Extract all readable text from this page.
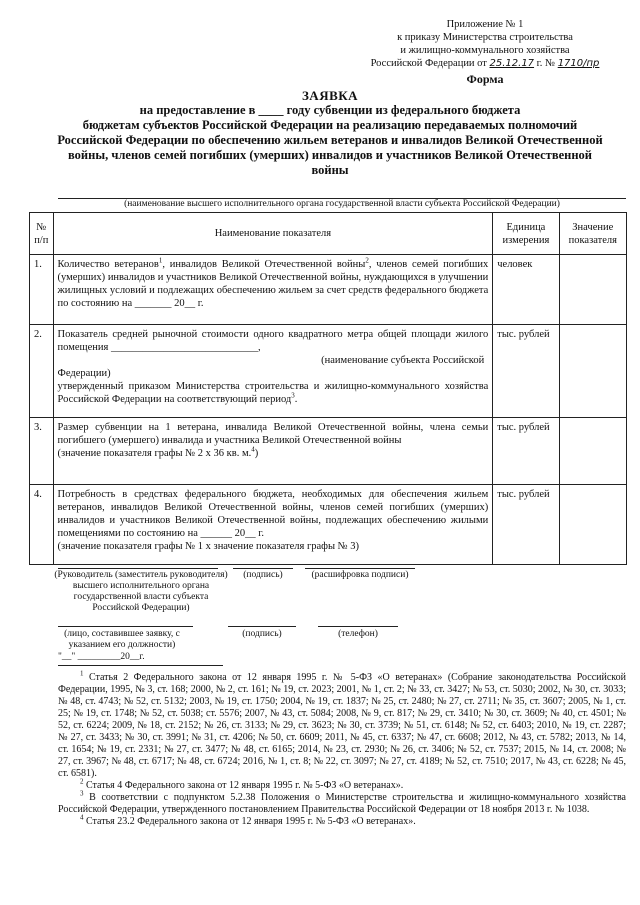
Приложение № 1
к приказу Министерства строительства
и жилищно-коммунального хозяйства
Российской Федерации от 25.12.17 г. № 1710/пр
Форма
ЗАЯВКА
на предоставление в ____ году субвенции из федерального бюджета
бюджетам субъектов Российской Федерации на реализацию передаваемых полномочий
Российской Федерации по обеспечению жильем ветеранов и инвалидов Великой Отечественной
войны, членов семей погибших (умерших) инвалидов и участников Великой Отечественной
войны
(наименование высшего исполнительного органа государственной власти субъекта Российской Федерации)
№ п/п	Наименование показателя	Единица измерения	Значение показателя
1.	Количество ветеранов$^1$, инвалидов Великой Отечественной войны$^2$, членов семей погибших (умерших) инвалидов и участников Великой Отечественной войны, нуждающихся в улучшении жилищных условий и подлежащих обеспечению жильем за счет средств федерального бюджета по состоянию на _______ 20__ г.	человек	
2.	Показатель средней рыночной стоимости одного квадратного метра общей площади жилого помещения ____________________________,
(наименование субъекта Российской
Федерации)
утвержденный приказом Министерства строительства и жилищно-коммунального хозяйства Российской Федерации на соответствующий период$^3$.	тыс. рублей	
3.	Размер субвенции на 1 ветерана, инвалида Великой Отечественной войны, члена семьи погибшего (умершего) инвалида и участника Великой Отечественной войны
(значение показателя графы № 2 х 36 кв. м.$^4$)	тыс. рублей	
4.	Потребность в средствах федерального бюджета, необходимых для обеспечения жильем ветеранов, инвалидов Великой Отечественной войны, членов семей погибших (умерших) инвалидов и участников Великой Отечественной войны, подлежащих обеспечению жилыми помещениями по состоянию на ______ 20__ г.
(значение показателя графы № 1 х значение показателя графы № 3)	тыс. рублей	
(Руководитель (заместитель руководителя) высшего исполнительного органа государственной власти субъекта Российской Федерации)
(подпись)	(расшифровка подписи)
(лицо, составившее заявку, с указанием его должности)
(подпись)	(телефон)
"__" _________20__г.

$^1$ Статья 2 Федерального закона от 12 января 1995 г. № 5-ФЗ «О ветеранах» (Собрание законодательства Российской Федерации, 1995, № 3, ст. 168; 2000, № 2, ст. 161; № 19, ст. 2023; 2001, № 1, ст. 2; № 33, ст. 3427; № 53, ст. 5030; 2002, № 30, ст. 3033; № 48, ст. 4743; № 52, ст. 5132; 2003, № 19, ст. 1750; 2004, № 19, ст. 1837; № 25, ст. 2480; № 27, ст. 2711; № 35, ст. 3607; 2005, № 1, ст. 25; № 19, ст. 1748; № 52, ст. 5038; ст. 5576; 2007, № 43, ст. 5084; 2008, № 9, ст. 817; № 29, ст. 3410; № 30, ст. 3609; № 40, ст. 4501; № 52, ст. 6224; 2009, № 18, ст. 2152; № 26, ст. 3133; № 29, ст. 3623; № 30, ст. 3739; № 51, ст. 6148; № 52, ст. 6403; 2010, № 19, ст. 2287; № 27, ст. 3433; № 30, ст. 3991; № 31, ст. 4206; № 50, ст. 6609; 2011, № 45, ст. 6337; № 47, ст. 6608; 2012, № 43, ст. 5782; 2013, № 14, ст. 1654; № 19, ст. 2331; № 27, ст. 3477; № 48, ст. 6165; 2014, № 23, ст. 2930; № 26, ст. 3406; № 52, ст. 7537; 2015, № 14, ст. 2008; № 27, ст. 3967; № 48, ст. 6717; № 48, ст. 6724; 2016, № 1, ст. 8; № 22, ст. 3097; № 27, ст. 4189; № 52, ст. 7510; 2017, № 43, ст. 6228; № 45, ст. 6581).

$^2$ Статья 4 Федерального закона от 12 января 1995 г. № 5-ФЗ «О ветеранах».

$^3$ В соответствии с подпунктом 5.2.38 Положения о Министерстве строительства и жилищно-коммунального хозяйства Российской Федерации, утвержденного постановлением Правительства Российской Федерации от 18 ноября 2013 г. № 1038.

$^4$ Статья 23.2 Федерального закона от 12 января 1995 г. № 5-ФЗ «О ветеранах».
